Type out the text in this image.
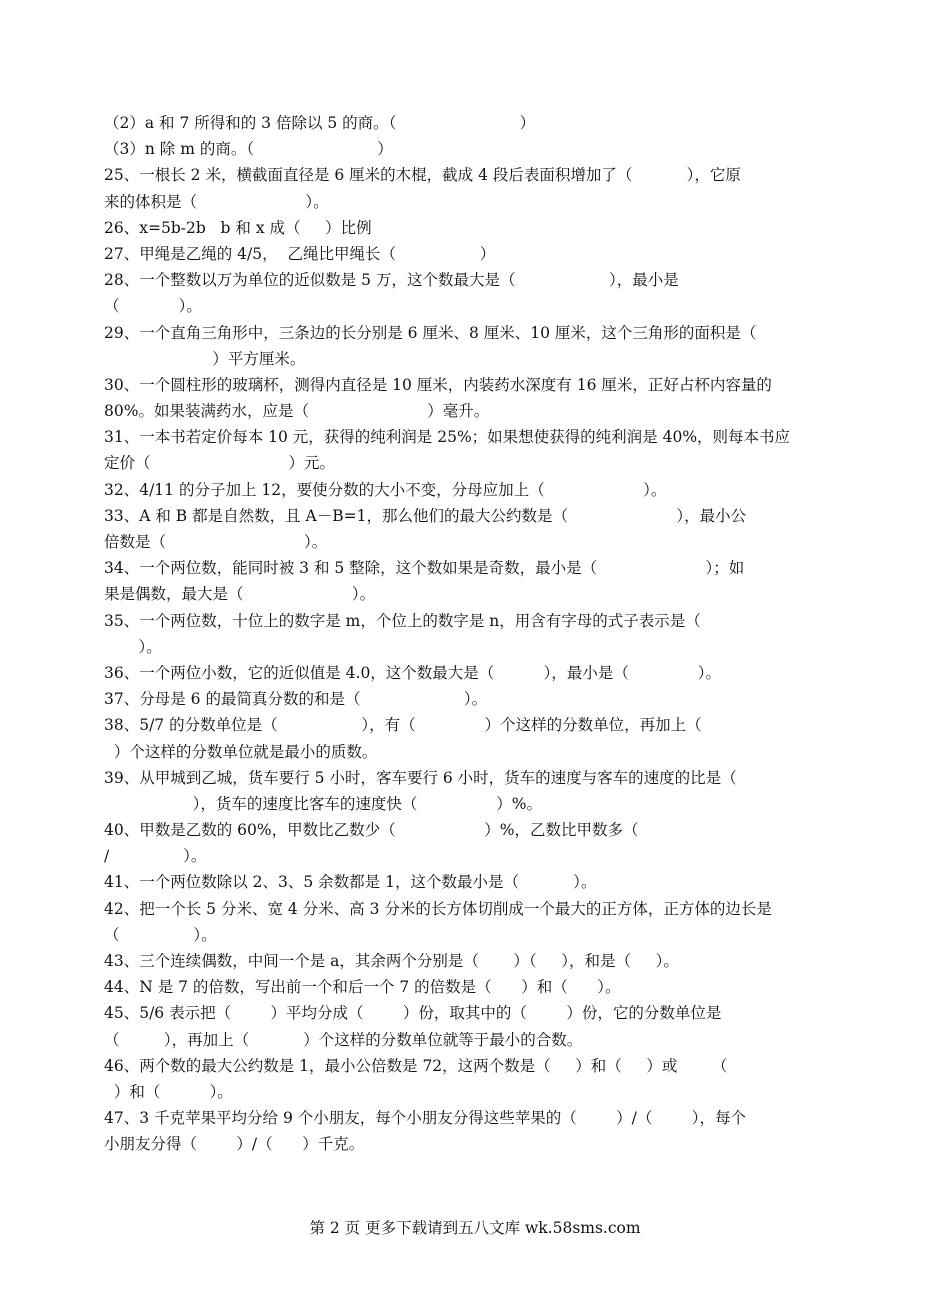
（2）a 和 7 所得和的 3 倍除以 5 的商。（                         ）
（3）n 除 m 的商。（                         ）
25、一根长 2 米，横截面直径是 6 厘米的木棍，截成 4 段后表面积增加了（           ），它原
来的体积是（                      ）。
26、x=5b-2b   b 和 x 成（     ）比例
27、甲绳是乙绳的 4/5，  乙绳比甲绳长（                 ）
28、一个整数以万为单位的近似数是 5 万，这个数最大是（                   ），最小是
（            ）。
29、一个直角三角形中，三条边的长分别是 6 厘米、8 厘米、10 厘米，这个三角形的面积是（
）平方厘米。
30、一个圆柱形的玻璃杯，测得内直径是 10 厘米，内装药水深度有 16 厘米，正好占杯内容量的
80%。如果装满药水，应是（                        ）毫升。
31、一本书若定价每本 10 元，获得的纯利润是 25%；如果想使获得的纯利润是 40%，则每本书应
定价（                            ）元。
32、4/11 的分子加上 12，要使分数的大小不变，分母应加上（                    ）。
33、A 和 B 都是自然数，且 A－B=1，那么他们的最大公约数是（                      ），最小公
倍数是（                            ）。
34、一个两位数，能同时被 3 和 5 整除，这个数如果是奇数，最小是（                      ）；如
果是偶数，最大是（                      ）。
35、一个两位数，十位上的数字是 m，个位上的数字是 n，用含有字母的式子表示是（
）。
36、一个两位小数，它的近似值是 4.0，这个数最大是（          ），最小是（              ）。
37、分母是 6 的最简真分数的和是（                     ）。
38、5/7 的分数单位是（                 ），有（              ）个这样的分数单位，再加上（
）个这样的分数单位就是最小的质数。
39、从甲城到乙城，货车要行 5 小时，客车要行 6 小时，货车的速度与客车的速度的比是（
），货车的速度比客车的速度快（                ）%。
40、甲数是乙数的 60%，甲数比乙数少（                  ）%，乙数比甲数多（
/               ）。
41、一个两位数除以 2、3、5 余数都是 1，这个数最小是（           ）。
42、把一个长 5 分米、宽 4 分米、高 3 分米的长方体切削成一个最大的正方体，正方体的边长是
（               ）。
43、三个连续偶数，中间一个是 a，其余两个分别是（       ）（     ），和是（     ）。
44、N 是 7 的倍数，写出前一个和后一个 7 的倍数是（      ）和（      ）。
45、5/6 表示把（        ）平均分成（        ）份，取其中的（        ）份，它的分数单位是
（         ），再加上（           ）个这样的分数单位就等于最小的合数。
46、两个数的最大公约数是 1，最小公倍数是 72，这两个数是（     ）和（     ）或       （
）和（          ）。
47、3 千克苹果平均分给 9 个小朋友，每个小朋友分得这些苹果的（        ）/（        ），每个
小朋友分得（        ）/（      ）千克。
第 2 页 更多下载请到五八文库 wk.58sms.com
